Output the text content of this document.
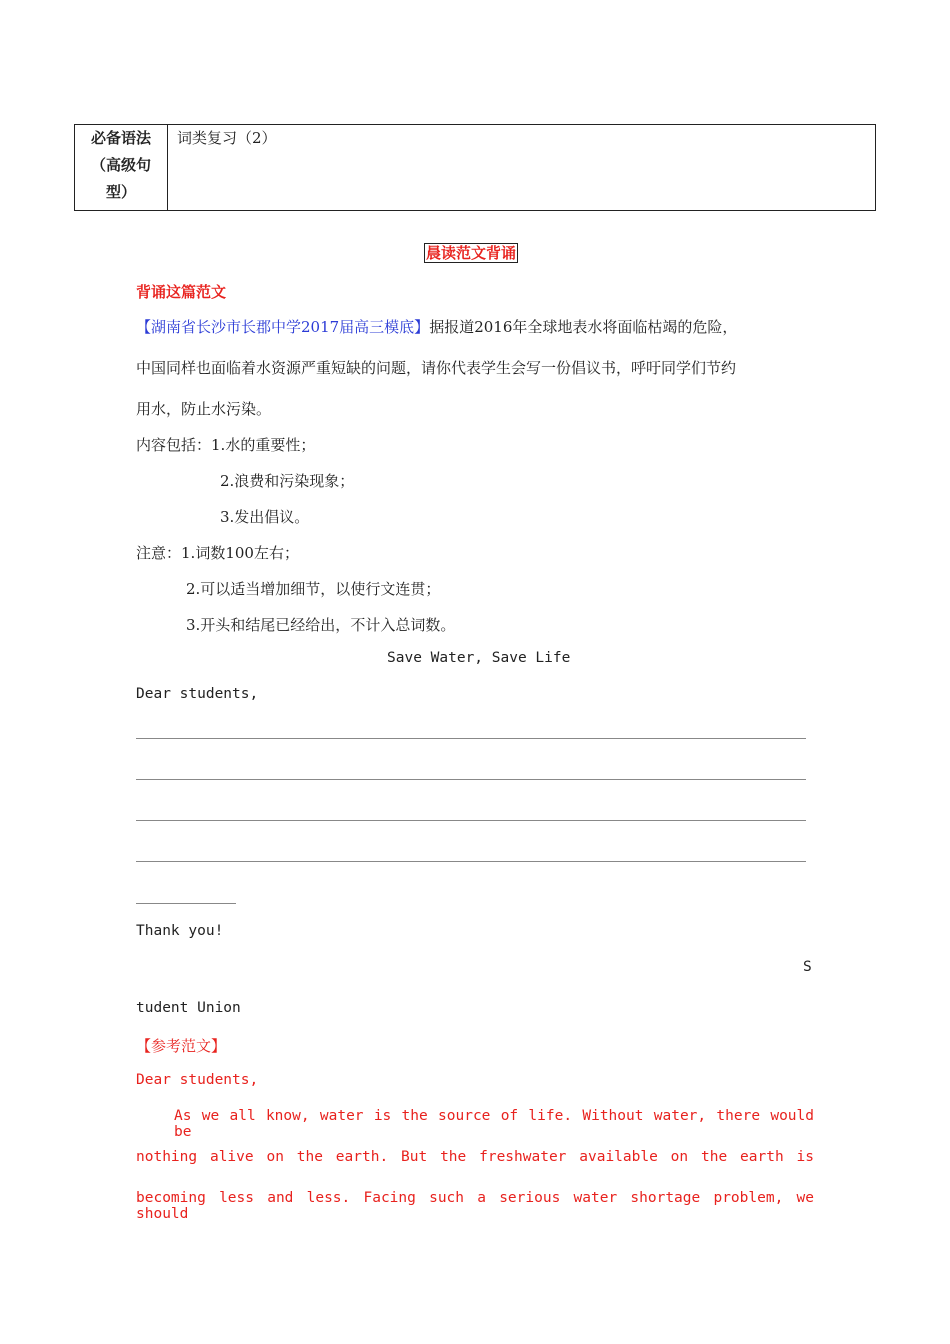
必备语法
（高级句
型）
	词类复习（2）
晨读范文背诵
背诵这篇范文
【湖南省长沙市长郡中学2017届高三模底】据报道2016年全球地表水将面临枯竭的危险，
中国同样也面临着水资源严重短缺的问题，请你代表学生会写一份倡议书，呼吁同学们节约
用水，防止水污染。
内容包括：1.水的重要性；
2.浪费和污染现象；
3.发出倡议。
注意：1.词数100左右；
2.可以适当增加细节，以使行文连贯；
3.开头和结尾已经给出，不计入总词数。
Save Water, Save Life
Dear students,
Thank you!
S
tudent Union
【参考范文】
Dear students,
As we all know, water is the source of life. Without water, there would be
nothing alive on the earth. But the freshwater available on the earth is
becoming less and less. Facing such a serious water shortage problem, we should
